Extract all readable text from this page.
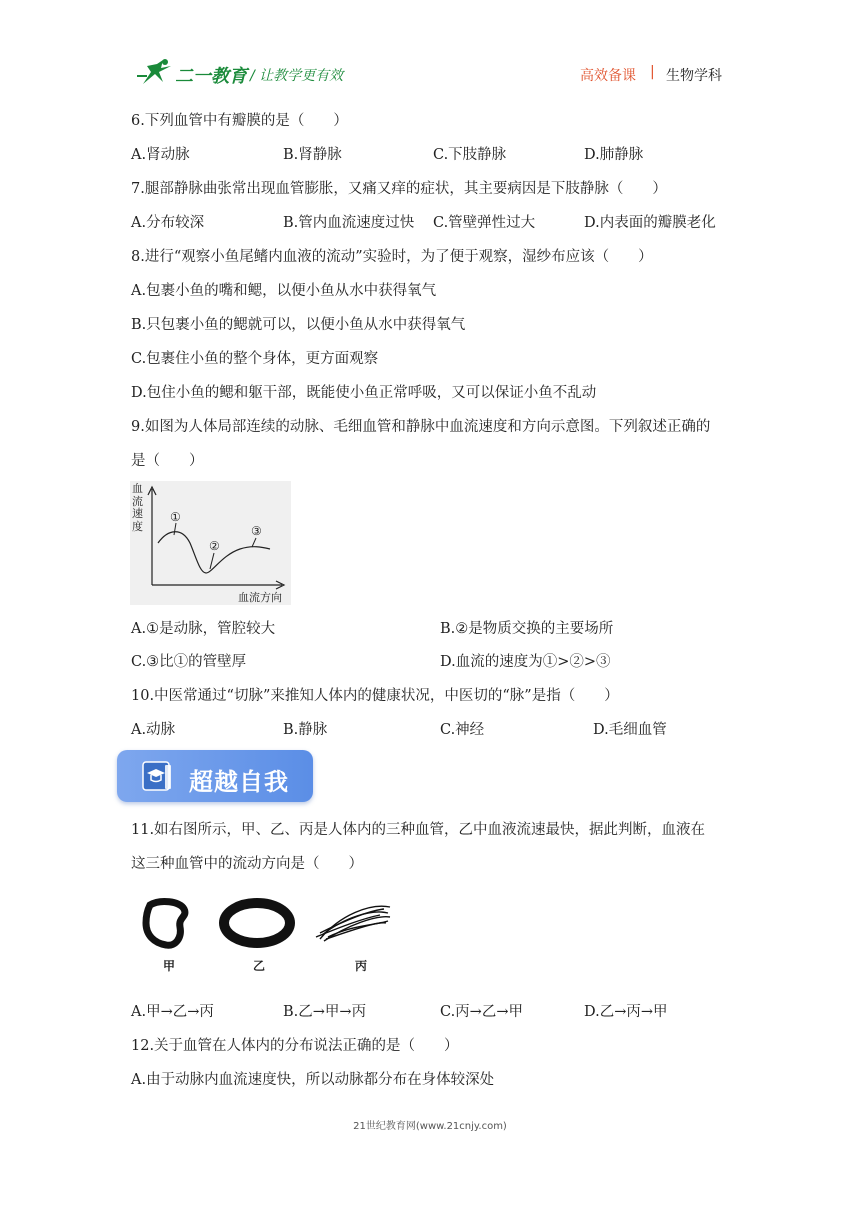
二一教育 / 让教学更有效	高效备课 | 生物学科
6.下列血管中有瓣膜的是（　　）
A.肾动脉	B.肾静脉	C.下肢静脉	D.肺静脉
7.腿部静脉曲张常出现血管膨胀，又痛又痒的症状，其主要病因是下肢静脉（　　）
A.分布较深	B.管内血流速度过快 C.管壁弹性过大	D.内表面的瓣膜老化
8.进行“观察小鱼尾鳍内血液的流动”实验时，为了便于观察，湿纱布应该（　　）
A.包裹小鱼的嘴和鳃，以便小鱼从水中获得氧气
B.只包裹小鱼的鳃就可以，以便小鱼从水中获得氧气
C.包裹住小鱼的整个身体，更方面观察
D.包住小鱼的鳃和躯干部，既能使小鱼正常呼吸，又可以保证小鱼不乱动
9.如图为人体局部连续的动脉、毛细血管和静脉中血流速度和方向示意图。下列叙述正确的
是（　　）
血
流
速
度
①
②
③
血流方向
A.①是动脉，管腔较大	B.②是物质交换的主要场所
C.③比①的管壁厚	D.血流的速度为①>②>③
10.中医常通过“切脉”来推知人体内的健康状况，中医切的“脉”是指（　　）
A.动脉	B.静脉	C.神经	D.毛细血管
超越自我
11.如右图所示，甲、乙、丙是人体内的三种血管，乙中血液流速最快，据此判断，血液在
这三种血管中的流动方向是（　　）
甲	乙	丙
A.甲→乙→丙	B.乙→甲→丙	C.丙→乙→甲	D.乙→丙→甲
12.关于血管在人体内的分布说法正确的是（　　）
A.由于动脉内血流速度快，所以动脉都分布在身体较深处
21世纪教育网(www.21cnjy.com)
